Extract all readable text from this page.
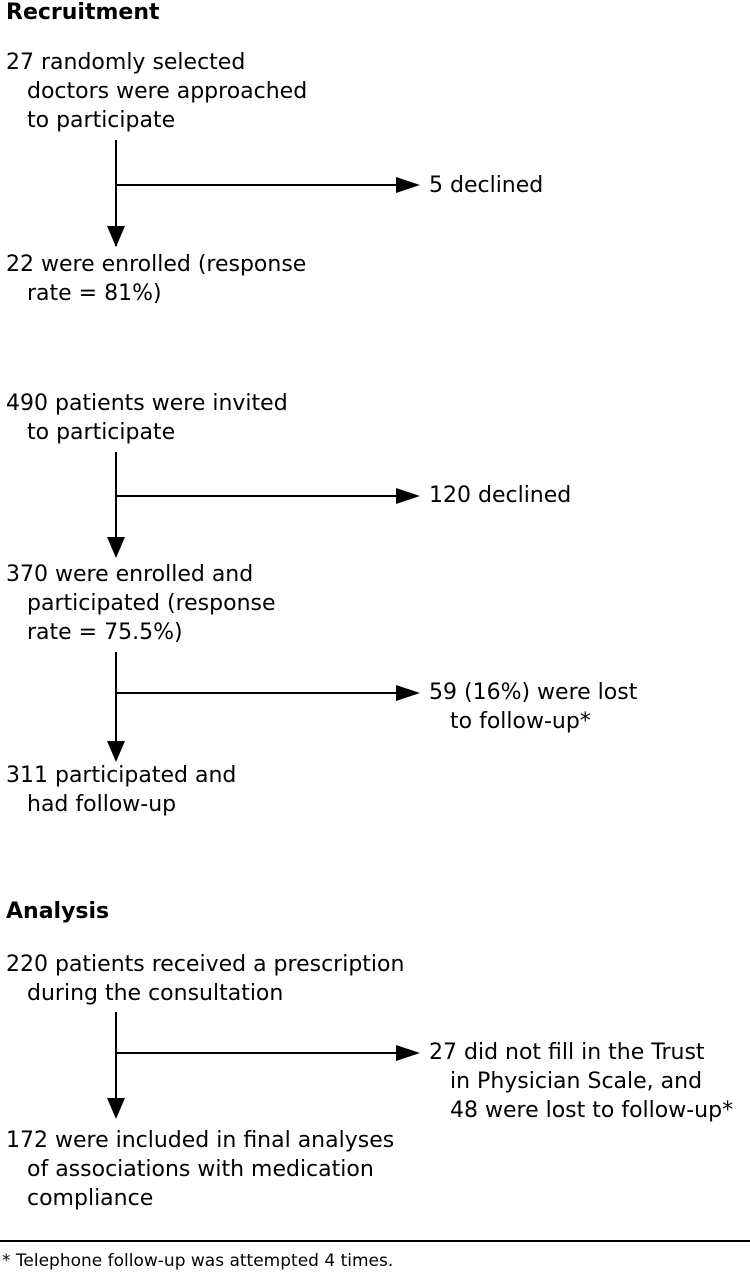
Recruitment
27 randomly selected
doctors were approached
to participate
5 declined
22 were enrolled (response
rate = 81%)
490 patients were invited
to participate
120 declined
370 were enrolled and
participated (response
rate = 75.5%)
59 (16%) were lost
to follow-up*
311 participated and
had follow-up
Analysis
220 patients received a prescription
during the consultation
27 did not fill in the Trust
in Physician Scale, and
48 were lost to follow-up*
172 were included in final analyses
of associations with medication
compliance
* Telephone follow-up was attempted 4 times.
